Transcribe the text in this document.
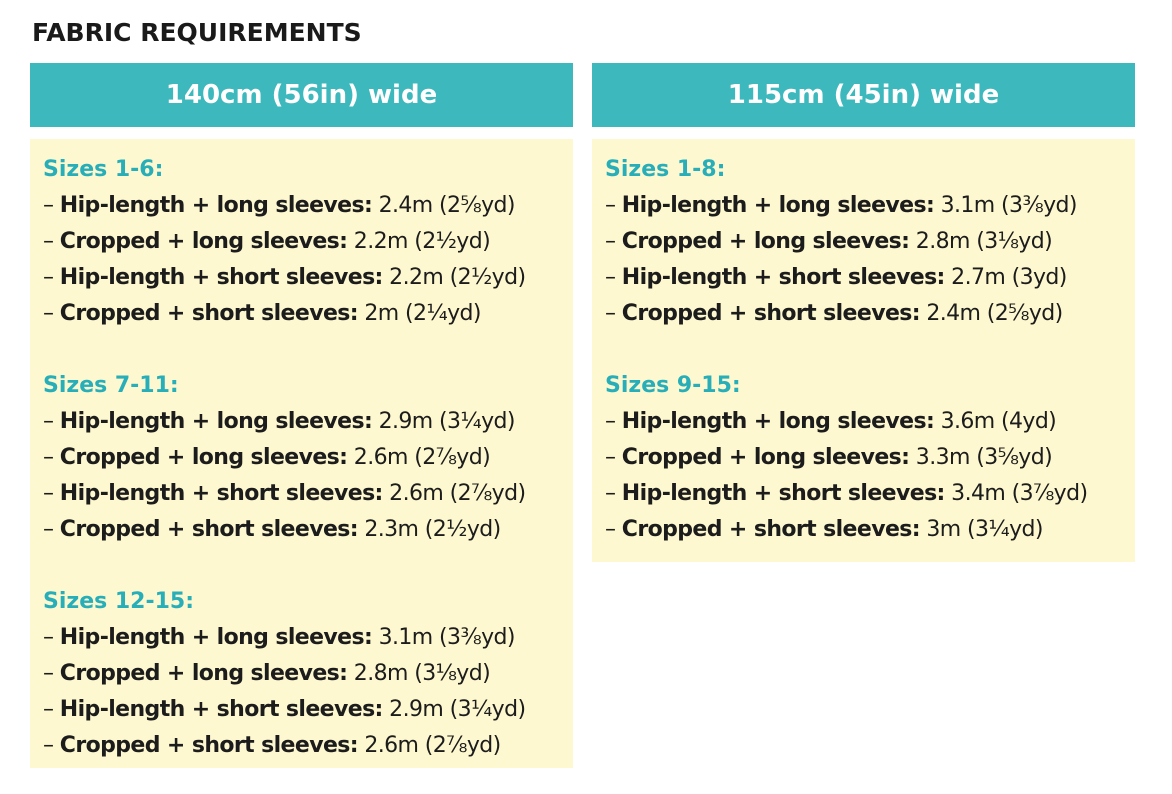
FABRIC REQUIREMENTS
140cm (56in) wide
Sizes 1-6:
– Hip-length + long sleeves: 2.4m (2⅝yd)
– Cropped + long sleeves: 2.2m (2½yd)
– Hip-length + short sleeves: 2.2m (2½yd)
– Cropped + short sleeves: 2m (2¼yd)
Sizes 7-11:
– Hip-length + long sleeves: 2.9m (3¼yd)
– Cropped + long sleeves: 2.6m (2⅞yd)
– Hip-length + short sleeves: 2.6m (2⅞yd)
– Cropped + short sleeves: 2.3m (2½yd)
Sizes 12-15:
– Hip-length + long sleeves: 3.1m (3⅜yd)
– Cropped + long sleeves: 2.8m (3⅛yd)
– Hip-length + short sleeves: 2.9m (3¼yd)
– Cropped + short sleeves: 2.6m (2⅞yd)
115cm (45in) wide
Sizes 1-8:
– Hip-length + long sleeves: 3.1m (3⅜yd)
– Cropped + long sleeves: 2.8m (3⅛yd)
– Hip-length + short sleeves: 2.7m (3yd)
– Cropped + short sleeves: 2.4m (2⅝yd)
Sizes 9-15:
– Hip-length + long sleeves: 3.6m (4yd)
– Cropped + long sleeves: 3.3m (3⅝yd)
– Hip-length + short sleeves: 3.4m (3⅞yd)
– Cropped + short sleeves: 3m (3¼yd)
